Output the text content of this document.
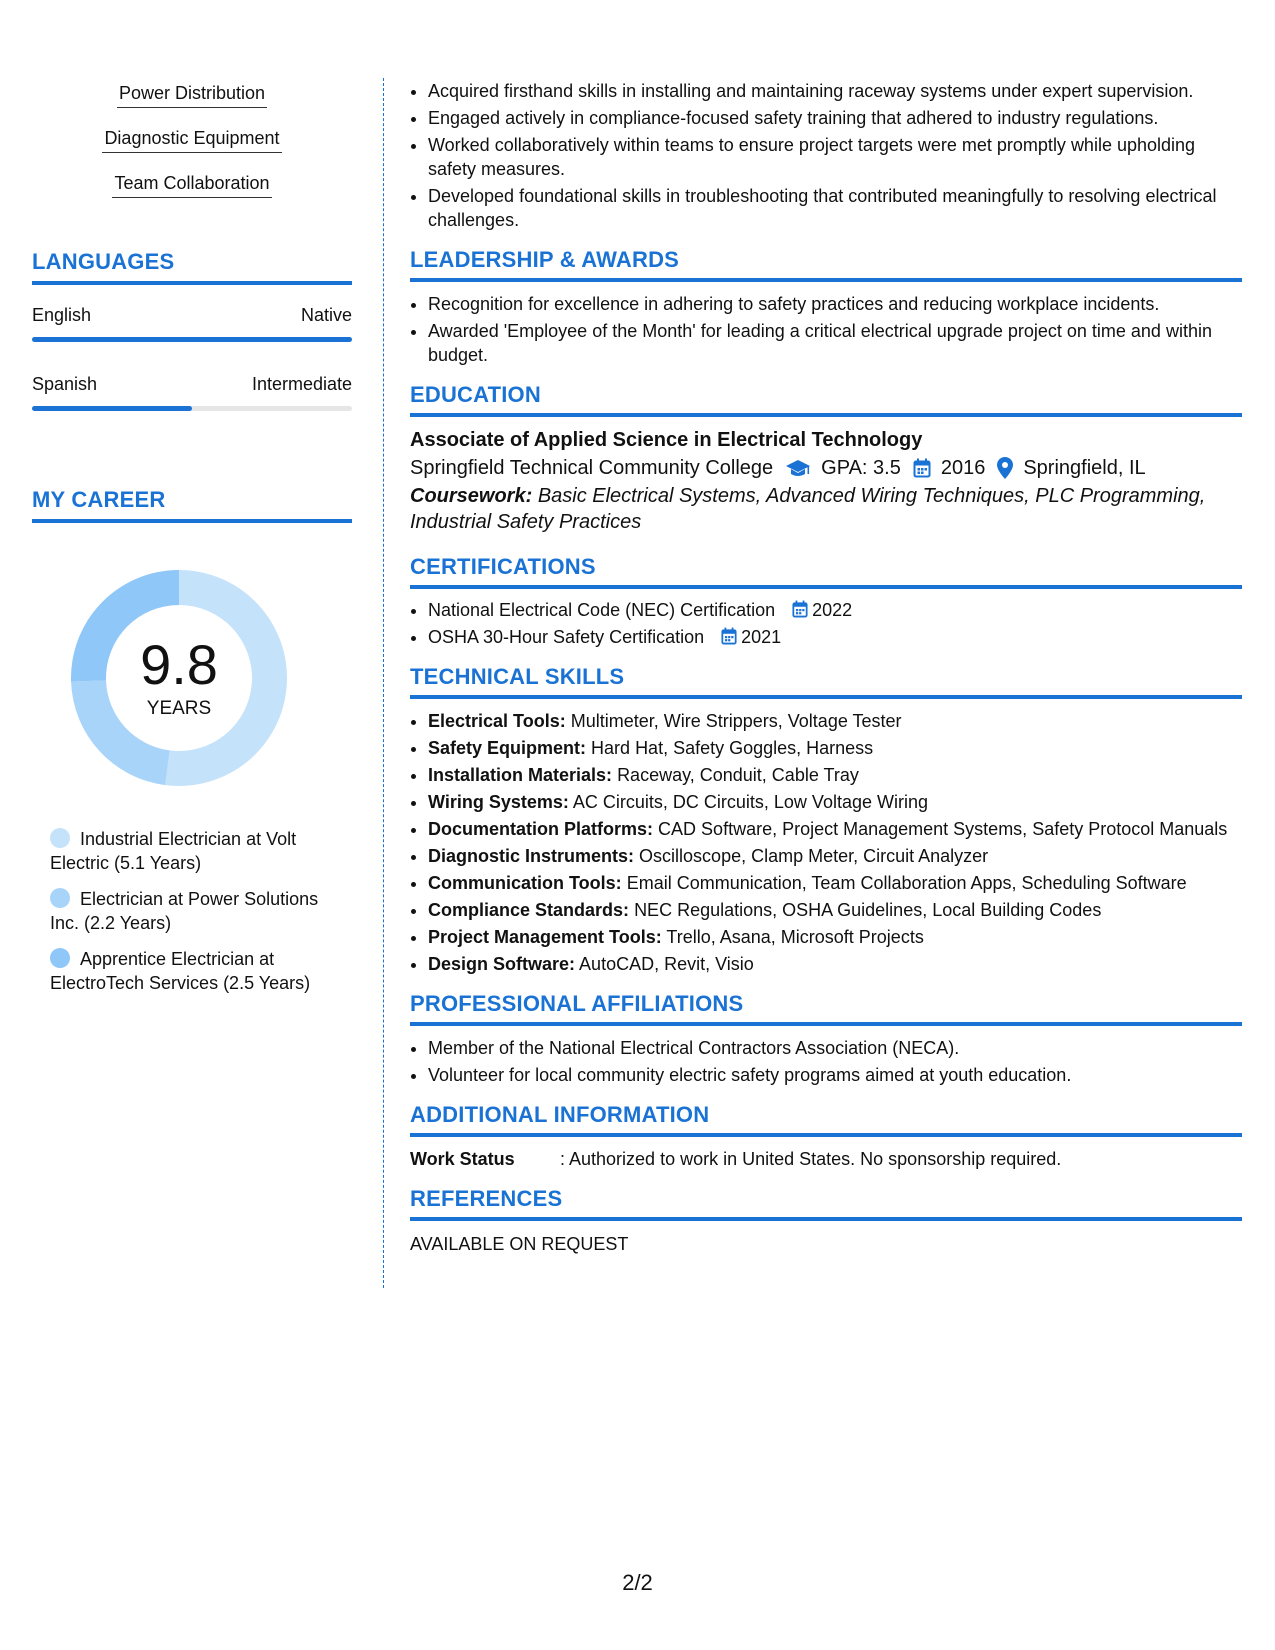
Power Distribution
Diagnostic Equipment
Team Collaboration
LANGUAGES
English	Native
Spanish	Intermediate
MY CAREER
9.8
YEARS
Industrial Electrician at Volt Electric (5.1 Years)
Electrician at Power Solutions Inc. (2.2 Years)
Apprentice Electrician at ElectroTech Services (2.5 Years)
• Acquired firsthand skills in installing and maintaining raceway systems under expert supervision.
• Engaged actively in compliance-focused safety training that adhered to industry regulations.
• Worked collaboratively within teams to ensure project targets were met promptly while upholding safety measures.
• Developed foundational skills in troubleshooting that contributed meaningfully to resolving electrical challenges.
LEADERSHIP & AWARDS
• Recognition for excellence in adhering to safety practices and reducing workplace incidents.
• Awarded 'Employee of the Month' for leading a critical electrical upgrade project on time and within budget.
EDUCATION
Associate of Applied Science in Electrical Technology
Springfield Technical Community College GPA: 3.5 2016 Springfield, IL
Coursework: Basic Electrical Systems, Advanced Wiring Techniques, PLC Programming, Industrial Safety Practices
CERTIFICATIONS
• National Electrical Code (NEC) Certification 2022
• OSHA 30-Hour Safety Certification 2021
TECHNICAL SKILLS
• Electrical Tools: Multimeter, Wire Strippers, Voltage Tester
• Safety Equipment: Hard Hat, Safety Goggles, Harness
• Installation Materials: Raceway, Conduit, Cable Tray
• Wiring Systems: AC Circuits, DC Circuits, Low Voltage Wiring
• Documentation Platforms: CAD Software, Project Management Systems, Safety Protocol Manuals
• Diagnostic Instruments: Oscilloscope, Clamp Meter, Circuit Analyzer
• Communication Tools: Email Communication, Team Collaboration Apps, Scheduling Software
• Compliance Standards: NEC Regulations, OSHA Guidelines, Local Building Codes
• Project Management Tools: Trello, Asana, Microsoft Projects
• Design Software: AutoCAD, Revit, Visio
PROFESSIONAL AFFILIATIONS
• Member of the National Electrical Contractors Association (NECA).
• Volunteer for local community electric safety programs aimed at youth education.
ADDITIONAL INFORMATION
Work Status	: Authorized to work in United States. No sponsorship required.
REFERENCES
AVAILABLE ON REQUEST
2/2
